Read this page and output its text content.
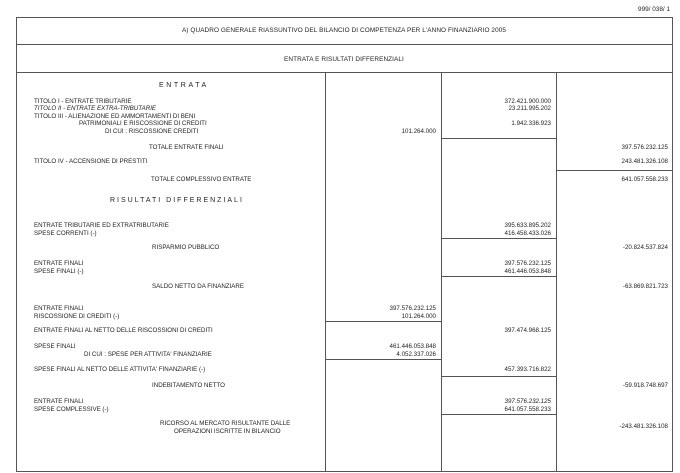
999/ 038/ 1
A) QUADRO GENERALE RIASSUNTIVO DEL BILANCIO DI COMPETENZA PER L'ANNO FINANZIARIO 2005
ENTRATA E RISULTATI DIFFERENZIALI
ENTRATA
TITOLO I - ENTRATE TRIBUTARIE	372.421.900.000
TITOLO II - ENTRATE EXTRA-TRIBUTARIE	23.211.995.202
TITOLO III - ALIENAZIONE ED AMMORTAMENTI DI BENI
PATRIMONIALI E RISCOSSIONE DI CREDITI	1.942.336.923
DI CUI : RISCOSSIONE CREDITI	101.264.000
TOTALE ENTRATE FINALI	397.576.232.125
TITOLO IV - ACCENSIONE DI PRESTITI	243.481.326.108
TOTALE COMPLESSIVO ENTRATE	641.057.558.233
RISULTATI DIFFERENZIALI
ENTRATE TRIBUTARIE ED EXTRATRIBUTARIE	395.633.895.202
SPESE CORRENTI (-)	416.458.433.026
RISPARMIO PUBBLICO	-20.824.537.824
ENTRATE FINALI	397.576.232.125
SPESE FINALI (-)	461.446.053.848
SALDO NETTO DA FINANZIARE	-63.869.821.723
ENTRATE FINALI	397.576.232.125
RISCOSSIONE DI CREDITI (-)	101.264.000
ENTRATE FINALI AL NETTO DELLE RISCOSSIONI DI CREDITI	397.474.968.125
SPESE FINALI	461.446.053.848
DI CUI : SPESE PER ATTIVITA' FINANZIARIE	4.052.337.026
SPESE FINALI AL NETTO DELLE ATTIVITA' FINANZIARIE (-)	457.393.716.822
INDEBITAMENTO NETTO	-59.918.748.697
ENTRATE FINALI	397.576.232.125
SPESE COMPLESSIVE (-)	641.057.558.233
RICORSO AL MERCATO RISULTANTE DALLE
OPERAZIONI ISCRITTE IN BILANCIO
-243.481.326.108
